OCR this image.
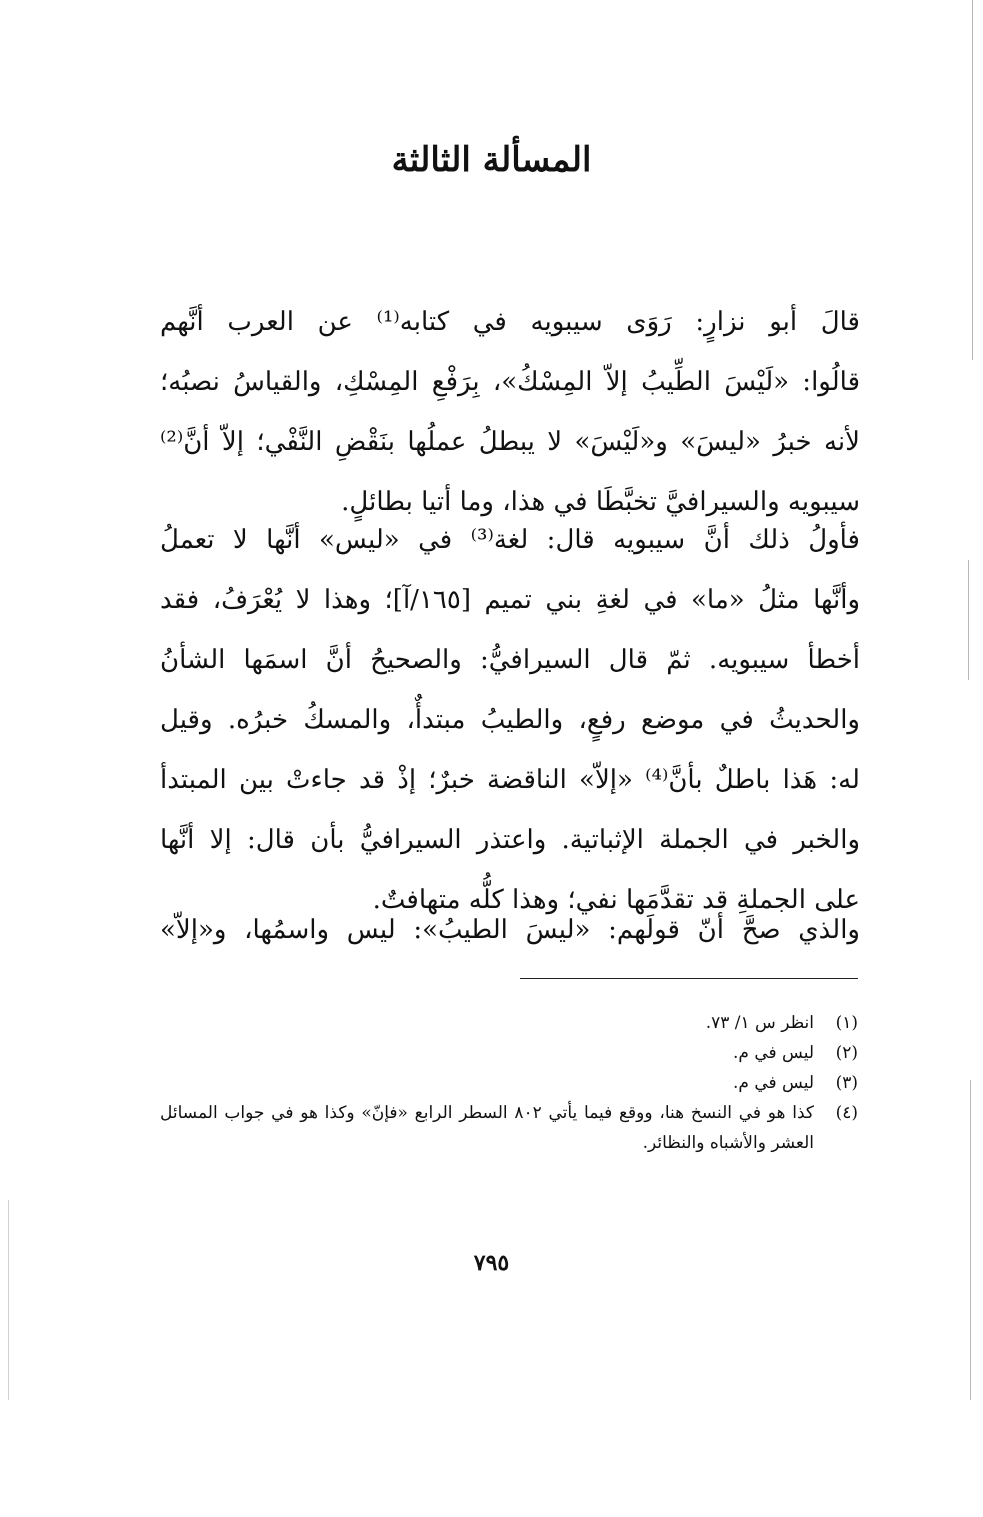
المسألة الثالثة
قالَ أبو نزارٍ: رَوَى سيبويه في كتابه⁽¹⁾ عن العرب أنَّهم
قالُوا: «لَيْسَ الطِّيبُ إلاّ المِسْكُ»، بِرَفْعِ المِسْكِ، والقياسُ نصبُه؛
لأنه خبرُ «ليسَ» و«لَيْسَ» لا يبطلُ عملُها بنَقْضِ النَّفْي؛ إلاّ أنَّ⁽²⁾
سيبويه والسيرافيَّ تخبَّطَا في هذا، وما أتيا بطائلٍ.
فأولُ ذلك أنَّ سيبويه قال: لغة⁽³⁾ في «ليس» أنَّها لا تعملُ
وأنَّها مثلُ «ما» في لغةِ بني تميم [١٦٥/آ]؛ وهذا لا يُعْرَفُ، فقد
أخطأ سيبويه. ثمّ قال السيرافيُّ: والصحيحُ أنَّ اسمَها الشأنُ
والحديثُ في موضع رفعٍ، والطيبُ مبتدأٌ، والمسكُ خبرُه. وقيل
له: هَذا باطلٌ بأنَّ⁽⁴⁾ «إلاّ» الناقضة خبرٌ؛ إذْ قد جاءتْ بين المبتدأ
والخبر في الجملة الإثباتية. واعتذر السيرافيُّ بأن قال: إلا أنَّها
على الجملةِ قد تقدَّمَها نفي؛ وهذا كلُّه متهافتٌ.
والذي صحَّ أنّ قولَهم: «ليسَ الطيبُ»: ليس واسمُها، و«إلاّ»
(١)
انظر س ١/ ٧٣.
(٢)
ليس في م.
(٣)
ليس في م.
(٤)
كذا هو في النسخ هنا، ووقع فيما يأتي ٨٠٢ السطر الرابع «فإنّ» وكذا هو في جواب المسائل العشر والأشباه والنظائر.
٧٩٥
